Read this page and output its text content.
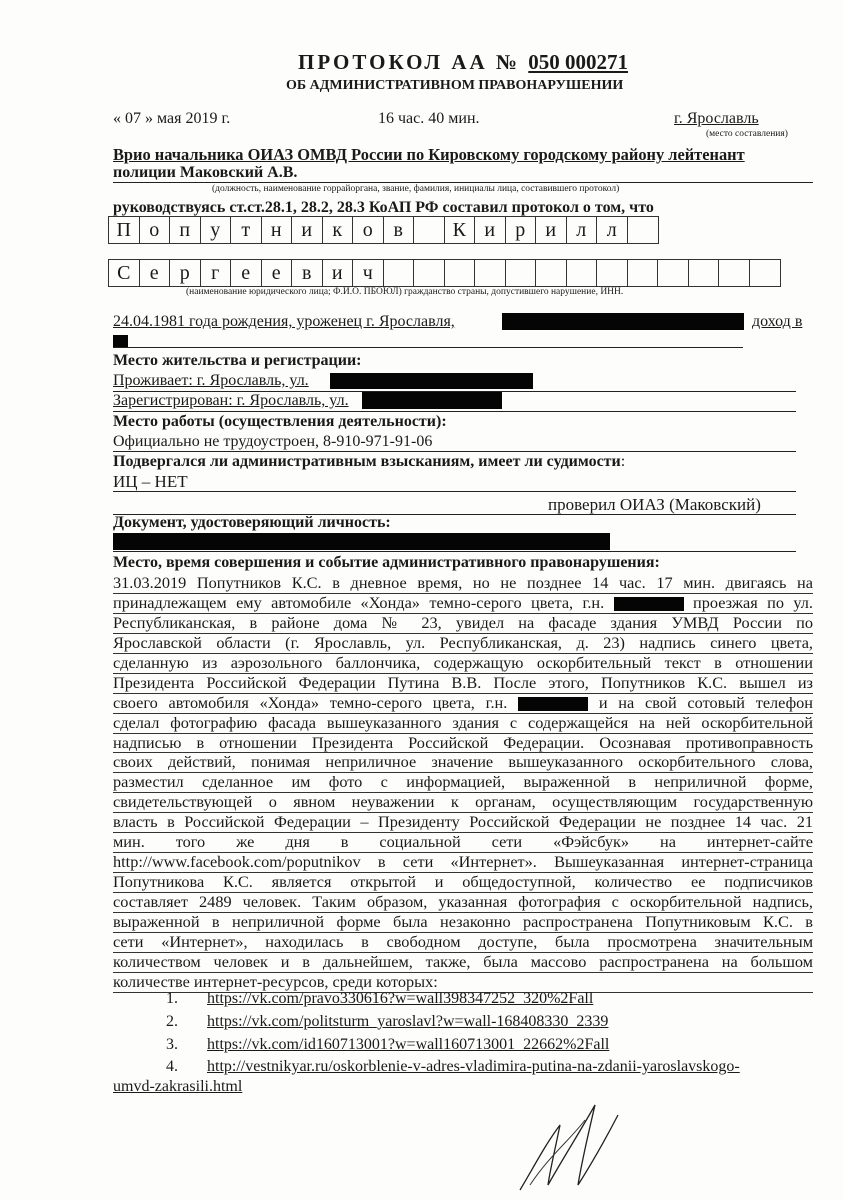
ПРОТОКОЛ АА № 050 000271
ОБ АДМИНИСТРАТИВНОМ ПРАВОНАРУШЕНИИ
« 07 » мая 2019 г.	16 час. 40 мин.	г. Ярославль
(место составления)
Врио начальника ОИАЗ ОМВД России по Кировскому городскому району лейтенант
полиции Маковский А.В.
(должность, наименование горрайоргана, звание, фамилия, инициалы лица, составившего протокол)
руководствуясь ст.ст.28.1, 28.2, 28.3 КоАП РФ составил протокол о том, что
П о	п	у	т	н и	к	о	в	К и	р	и	л	л
С е	р	г	е	е	в	и	ч
(наименование юридического лица; Ф.И.О. ПБОЮЛ) гражданство страны, допустившего нарушение, ИНН.
24.04.1981 года рождения, уроженец г. Ярославля,	доход в
Место жительства и регистрации:
Проживает: г. Ярославль, ул.
Зарегистрирован: г. Ярославль, ул.
Место работы (осуществления деятельности):
Официально не трудоустроен, 8-910-971-91-06
Подвергался ли административным взысканиям, имеет ли судимости:
ИЦ – НЕТ
проверил ОИАЗ (Маковский)
Документ, удостоверяющий личность:
Место, время совершения и событие административного правонарушения:
31.03.2019 Попутников К.С. в дневное время, но не позднее 14 час. 17 мин. двигаясь на
принадлежащем ему автомобиле «Хонда» темно-серого цвета, г.н.	проезжая по ул.
Республиканская, в районе дома № 23, увидел на фасаде здания УМВД России по
Ярославской области (г. Ярославль, ул. Республиканская, д. 23) надпись синего цвета,
сделанную из аэрозольного баллончика, содержащую оскорбительный текст в отношении
Президента Российской Федерации Путина В.В. После этого, Попутников К.С. вышел из
своего автомобиля «Хонда» темно-серого цвета, г.н.	и на свой сотовый телефон
сделал фотографию фасада вышеуказанного здания с содержащейся на ней оскорбительной
надписью в отношении Президента Российской Федерации. Осознавая противоправность
своих действий, понимая неприличное значение вышеуказанного оскорбительного слова,
разместил сделанное им фото с информацией, выраженной в неприличной форме,
свидетельствующей о явном неуважении к органам, осуществляющим государственную
власть в Российской Федерации – Президенту Российской Федерации не позднее 14 час. 21
мин. того же дня в социальной сети «Фэйсбук» на интернет-сайте
http://www.facebook.com/poputnikov в сети «Интернет». Вышеуказанная интернет-страница
Попутникова К.С. является открытой и общедоступной, количество ее подписчиков
составляет 2489 человек. Таким образом, указанная фотография с оскорбительной надпись,
выраженной в неприличной форме была незаконно распространена Попутниковым К.С. в
сети «Интернет», находилась в свободном доступе, была просмотрена значительным
количеством человек и в дальнейшем, также, была массово распространена на большом
количестве интернет-ресурсов, среди которых:
1. https://vk.com/pravo330616?w=wall398347252_320%2Fall
2. https://vk.com/politsturm_yaroslavl?w=wall-168408330_2339
3. https://vk.com/id160713001?w=wall160713001_22662%2Fall
4. http://vestnikyar.ru/oskorblenie-v-adres-vladimira-putina-na-zdanii-yaroslavskogo-
umvd-zakrasili.html
